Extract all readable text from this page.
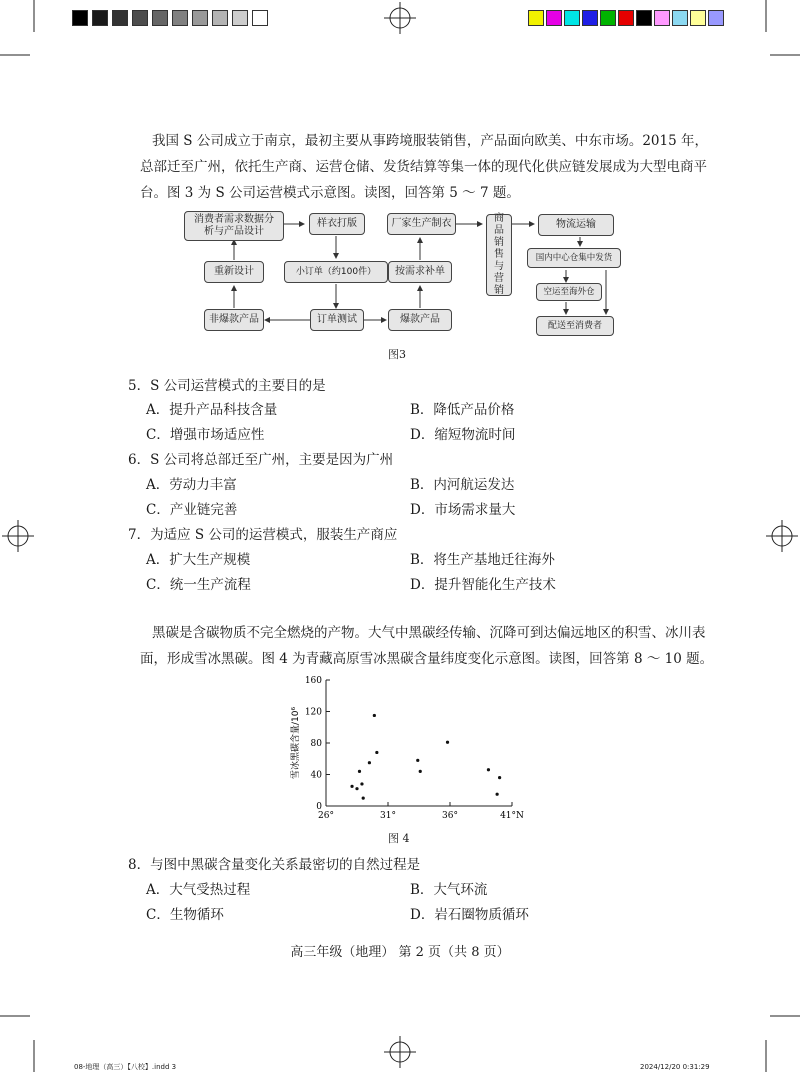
我国 S 公司成立于南京，最初主要从事跨境服装销售，产品面向欧美、中东市场。2015 年，
总部迁至广州，依托生产商、运营仓储、发货结算等集一体的现代化供应链发展成为大型电商平
台。图 3 为 S 公司运营模式示意图。读图，回答第 5 ～ 7 题。
消费者需求数据分析与产品设计
重新设计
非爆款产品
样衣打版
小订单（约100件）
订单测试
厂家生产制衣
按需求补单
爆款产品
商品销售与营销
物流运输
国内中心仓集中发货
空运至海外仓
配送至消费者
图3
5．S 公司运营模式的主要目的是
A．提升产品科技含量	B．降低产品价格
C．增强市场适应性	D．缩短物流时间
6．S 公司将总部迁至广州，主要是因为广州
A．劳动力丰富	B．内河航运发达
C．产业链完善	D．市场需求量大
7．为适应 S 公司的运营模式，服装生产商应
A．扩大生产规模	B．将生产基地迁往海外
C．统一生产流程	D．提升智能化生产技术
黑碳是含碳物质不完全燃烧的产物。大气中黑碳经传输、沉降可到达偏远地区的积雪、冰川表
面，形成雪冰黑碳。图 4 为青藏高原雪冰黑碳含量纬度变化示意图。读图，回答第 8 ～ 10 题。
0
40
80
120
160
26°	31°	36°	41°N
雪冰黑碳含量/10⁶
图 4
8．与图中黑碳含量变化关系最密切的自然过程是
A．大气受热过程	B．大气环流
C．生物循环	D．岩石圈物质循环
高三年级（地理） 第 2 页（共 8 页）
08-地理（高三）【八校】.indd 3	2024/12/20 0:31:29
